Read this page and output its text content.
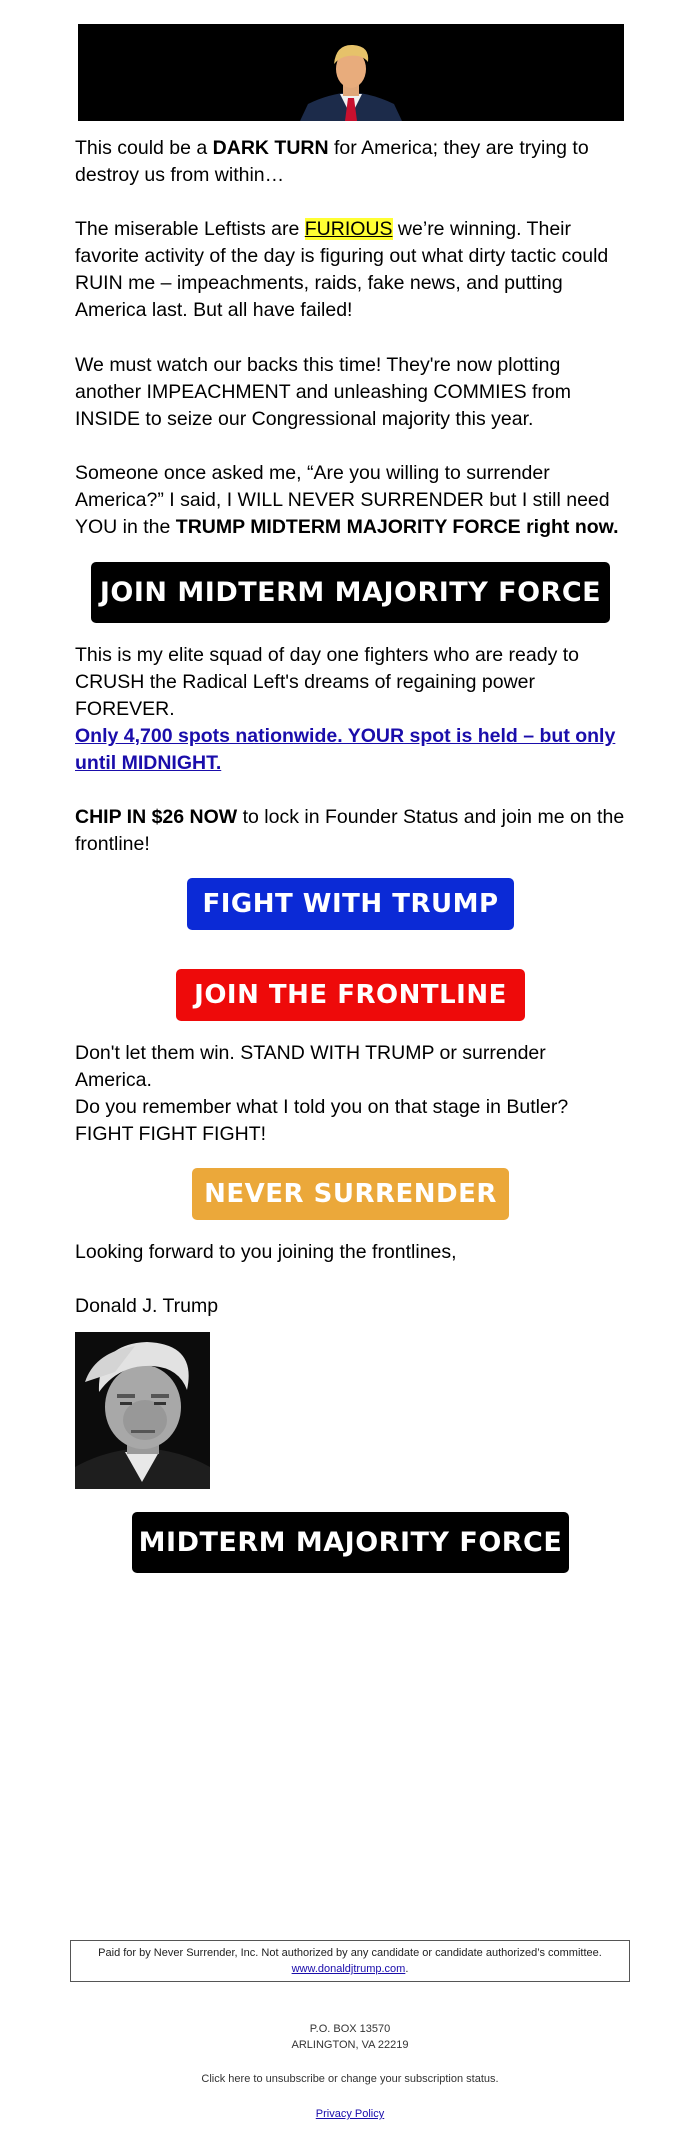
This could be a DARK TURN for America; they are trying to destroy us from within…
The miserable Leftists are FURIOUS we’re winning. Their favorite activity of the day is figuring out what dirty tactic could RUIN me – impeachments, raids, fake news, and putting America last. But all have failed!
We must watch our backs this time! They're now plotting another IMPEACHMENT and unleashing COMMIES from INSIDE to seize our Congressional majority this year.
Someone once asked me, “Are you willing to surrender America?” I said, I WILL NEVER SURRENDER but I still need YOU in the TRUMP MIDTERM MAJORITY FORCE right now.
JOIN MIDTERM MAJORITY FORCE
This is my elite squad of day one fighters who are ready to CRUSH the Radical Left's dreams of regaining power FOREVER.
Only 4,700 spots nationwide. YOUR spot is held – but only until MIDNIGHT.
CHIP IN $26 NOW to lock in Founder Status and join me on the frontline!
FIGHT WITH TRUMP
JOIN THE FRONTLINE
Don't let them win. STAND WITH TRUMP or surrender America.
Do you remember what I told you on that stage in Butler? FIGHT FIGHT FIGHT!
NEVER SURRENDER
Looking forward to you joining the frontlines,
Donald J. Trump
MIDTERM MAJORITY FORCE
Paid for by Never Surrender, Inc. Not authorized by any candidate or candidate authorized’s committee.
www.donaldjtrump.com.
P.O. BOX 13570
ARLINGTON, VA 22219
Click here to unsubscribe or change your subscription status.
Privacy Policy
